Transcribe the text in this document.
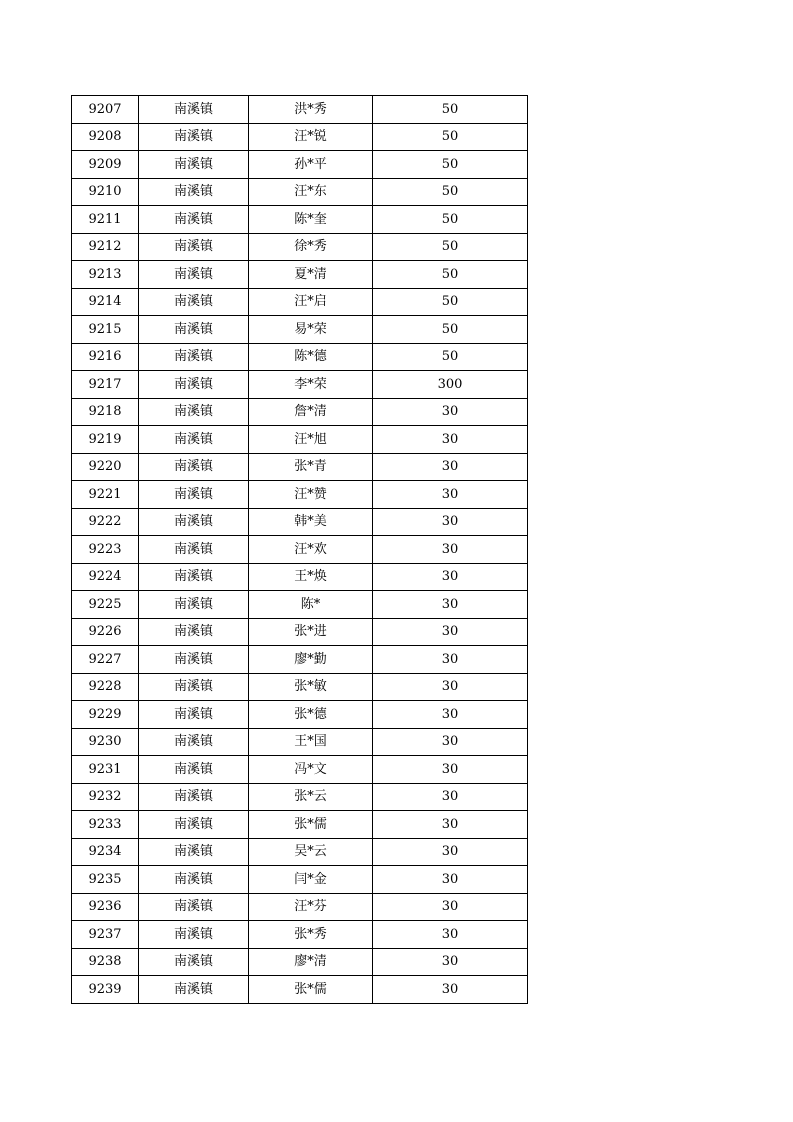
9207	南溪镇	洪*秀	50
9208	南溪镇	汪*锐	50
9209	南溪镇	孙*平	50
9210	南溪镇	汪*东	50
9211	南溪镇	陈*奎	50
9212	南溪镇	徐*秀	50
9213	南溪镇	夏*清	50
9214	南溪镇	汪*启	50
9215	南溪镇	易*荣	50
9216	南溪镇	陈*德	50
9217	南溪镇	李*荣	300
9218	南溪镇	詹*清	30
9219	南溪镇	汪*旭	30
9220	南溪镇	张*青	30
9221	南溪镇	汪*赞	30
9222	南溪镇	韩*美	30
9223	南溪镇	汪*欢	30
9224	南溪镇	王*焕	30
9225	南溪镇	陈*	30
9226	南溪镇	张*进	30
9227	南溪镇	廖*勤	30
9228	南溪镇	张*敏	30
9229	南溪镇	张*德	30
9230	南溪镇	王*国	30
9231	南溪镇	冯*文	30
9232	南溪镇	张*云	30
9233	南溪镇	张*儒	30
9234	南溪镇	吴*云	30
9235	南溪镇	闫*金	30
9236	南溪镇	汪*芬	30
9237	南溪镇	张*秀	30
9238	南溪镇	廖*清	30
9239	南溪镇	张*儒	30
